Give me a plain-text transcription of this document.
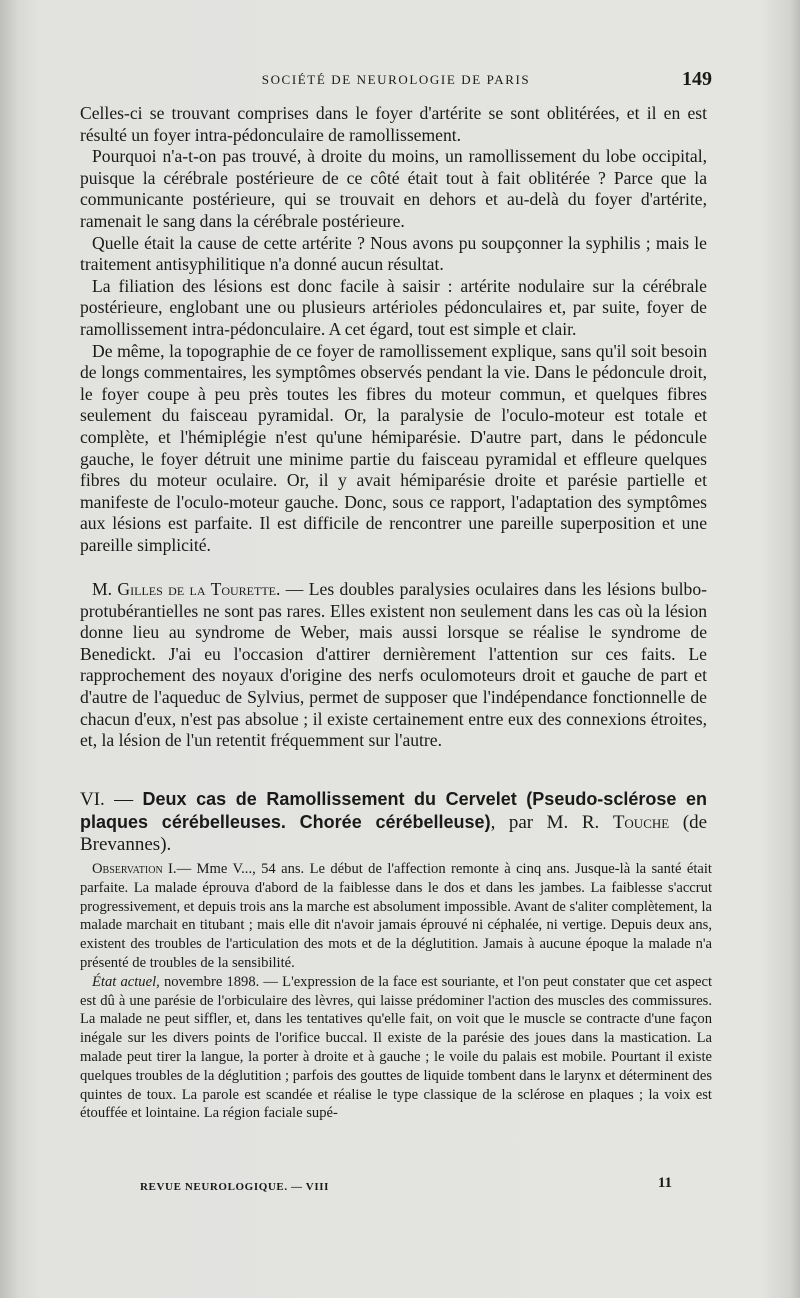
SOCIÉTÉ DE NEUROLOGIE DE PARIS	149

Celles-ci se trouvant comprises dans le foyer d'artérite se sont oblitérées, et il en est résulté un foyer intra-pédonculaire de ramollissement.

Pourquoi n'a-t-on pas trouvé, à droite du moins, un ramollissement du lobe occipital, puisque la cérébrale postérieure de ce côté était tout à fait oblitérée ? Parce que la communicante postérieure, qui se trouvait en dehors et au-delà du foyer d'artérite, ramenait le sang dans la cérébrale postérieure.

Quelle était la cause de cette artérite ? Nous avons pu soupçonner la syphilis ; mais le traitement antisyphilitique n'a donné aucun résultat.

La filiation des lésions est donc facile à saisir : artérite nodulaire sur la cérébrale postérieure, englobant une ou plusieurs artérioles pédonculaires et, par suite, foyer de ramollissement intra-pédonculaire. A cet égard, tout est simple et clair.

De même, la topographie de ce foyer de ramollissement explique, sans qu'il soit besoin de longs commentaires, les symptômes observés pendant la vie. Dans le pédoncule droit, le foyer coupe à peu près toutes les fibres du moteur commun, et quelques fibres seulement du faisceau pyramidal. Or, la paralysie de l'oculo-moteur est totale et complète, et l'hémiplégie n'est qu'une hémiparésie. D'autre part, dans le pédoncule gauche, le foyer détruit une minime partie du faisceau pyramidal et effleure quelques fibres du moteur oculaire. Or, il y avait hémiparésie droite et parésie partielle et manifeste de l'oculo-moteur gauche. Donc, sous ce rapport, l'adaptation des symptômes aux lésions est parfaite. Il est difficile de rencontrer une pareille superposition et une pareille simplicité.

M. Gilles de la Tourette. — Les doubles paralysies oculaires dans les lésions bulbo-protubérantielles ne sont pas rares. Elles existent non seulement dans les cas où la lésion donne lieu au syndrome de Weber, mais aussi lorsque se réalise le syndrome de Benedickt. J'ai eu l'occasion d'attirer dernièrement l'attention sur ces faits. Le rapprochement des noyaux d'origine des nerfs oculomoteurs droit et gauche de part et d'autre de l'aqueduc de Sylvius, permet de supposer que l'indépendance fonctionnelle de chacun d'eux, n'est pas absolue ; il existe certainement entre eux des connexions étroites, et, la lésion de l'un retentit fréquemment sur l'autre.

VI. — Deux cas de Ramollissement du Cervelet (Pseudo-sclérose en plaques cérébelleuses. Chorée cérébelleuse), par M. R. Touche (de Brevannes).

Observation I.— Mme V..., 54 ans. Le début de l'affection remonte à cinq ans. Jusque-là la santé était parfaite. La malade éprouva d'abord de la faiblesse dans le dos et dans les jambes. La faiblesse s'accrut progressivement, et depuis trois ans la marche est absolument impossible. Avant de s'aliter complètement, la malade marchait en titubant ; mais elle dit n'avoir jamais éprouvé ni céphalée, ni vertige. Depuis deux ans, existent des troubles de l'articulation des mots et de la déglutition. Jamais à aucune époque la malade n'a présenté de troubles de la sensibilité.

État actuel, novembre 1898. — L'expression de la face est souriante, et l'on peut constater que cet aspect est dû à une parésie de l'orbiculaire des lèvres, qui laisse prédominer l'action des muscles des commissures. La malade ne peut siffler, et, dans les tentatives qu'elle fait, on voit que le muscle se contracte d'une façon inégale sur les divers points de l'orifice buccal. Il existe de la parésie des joues dans la mastication. La malade peut tirer la langue, la porter à droite et à gauche ; le voile du palais est mobile. Pourtant il existe quelques troubles de la déglutition ; parfois des gouttes de liquide tombent dans le larynx et déterminent des quintes de toux. La parole est scandée et réalise le type classique de la sclérose en plaques ; la voix est étouffée et lointaine. La région faciale supé-

REVUE NEUROLOGIQUE. — VIII	11
